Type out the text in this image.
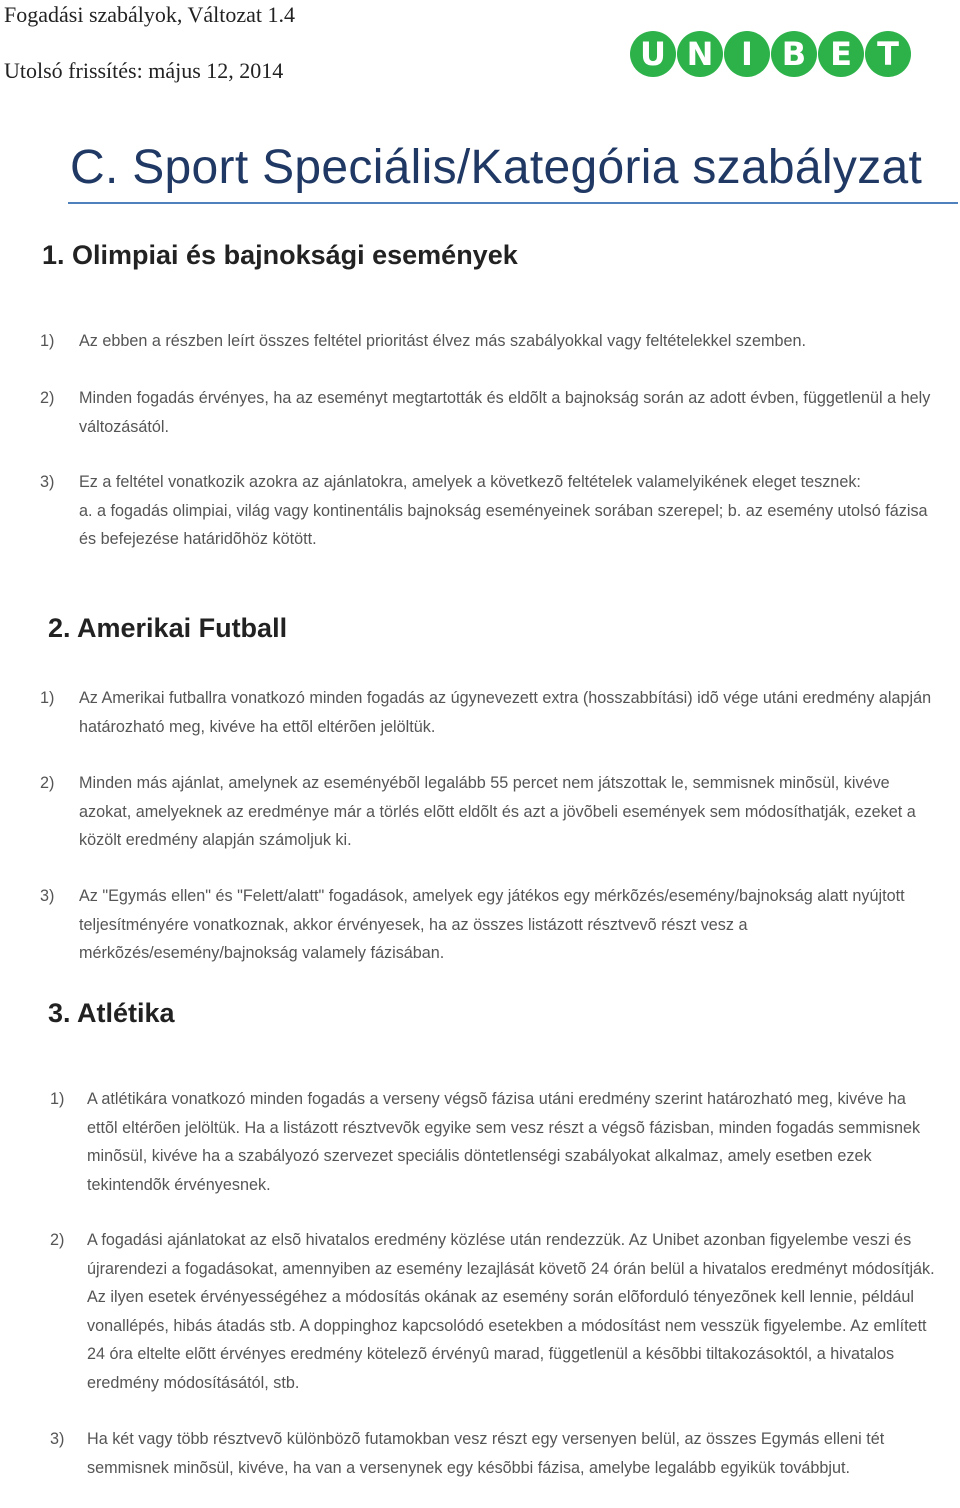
Fogadási szabályok, Változat 1.4
Utolsó frissítés: május 12, 2014	U N I B E T
C. Sport Speciális/Kategória szabályzat
1. Olimpiai és bajnoksági események
1)	Az ebben a részben leírt összes feltétel prioritást élvez más szabályokkal vagy feltételekkel szemben.
2)	Minden fogadás érvényes, ha az eseményt megtartották és eldõlt a bajnokság során az adott évben, függetlenül a hely változásától.
3)	Ez a feltétel vonatkozik azokra az ajánlatokra, amelyek a következõ feltételek valamelyikének eleget tesznek:
a. a fogadás olimpiai, világ vagy kontinentális bajnokság eseményeinek sorában szerepel; b. az esemény utolsó fázisa és befejezése határidõhöz kötött.
2. Amerikai Futball
1)	Az Amerikai futballra vonatkozó minden fogadás az úgynevezett extra (hosszabbítási) idõ vége utáni eredmény alapján határozható meg, kivéve ha ettõl eltérõen jelöltük.
2)	Minden más ajánlat, amelynek az eseményébõl legalább 55 percet nem játszottak le, semmisnek minõsül, kivéve azokat, amelyeknek az eredménye már a törlés elõtt eldõlt és azt a jövõbeli események sem módosíthatják, ezeket a közölt eredmény alapján számoljuk ki.
3)	Az "Egymás ellen" és "Felett/alatt" fogadások, amelyek egy játékos egy mérkõzés/esemény/bajnokság alatt nyújtott teljesítményére vonatkoznak, akkor érvényesek, ha az összes listázott résztvevõ részt vesz a mérkõzés/esemény/bajnokság valamely fázisában.
3. Atlétika
1)	A atlétikára vonatkozó minden fogadás a verseny végsõ fázisa utáni eredmény szerint határozható meg, kivéve ha ettõl eltérõen jelöltük. Ha a listázott résztvevõk egyike sem vesz részt a végsõ fázisban, minden fogadás semmisnek minõsül, kivéve ha a szabályozó szervezet speciális döntetlenségi szabályokat alkalmaz, amely esetben ezek tekintendõk érvényesnek.
2)	A fogadási ajánlatokat az elsõ hivatalos eredmény közlése után rendezzük. Az Unibet azonban figyelembe veszi és újrarendezi a fogadásokat, amennyiben az esemény lezajlását követõ 24 órán belül a hivatalos eredményt módosítják. Az ilyen esetek érvényességéhez a módosítás okának az esemény során elõforduló tényezõnek kell lennie, például vonallépés, hibás átadás stb. A doppinghoz kapcsolódó esetekben a módosítást nem vesszük figyelembe. Az említett 24 óra eltelte elõtt érvényes eredmény kötelezõ érvényû marad, függetlenül a késõbbi tiltakozásoktól, a hivatalos eredmény módosításától, stb.
3)	Ha két vagy több résztvevõ különbözõ futamokban vesz részt egy versenyen belül, az összes Egymás elleni tét semmisnek minõsül, kivéve, ha van a versenynek egy késõbbi fázisa, amelybe legalább egyikük továbbjut.
